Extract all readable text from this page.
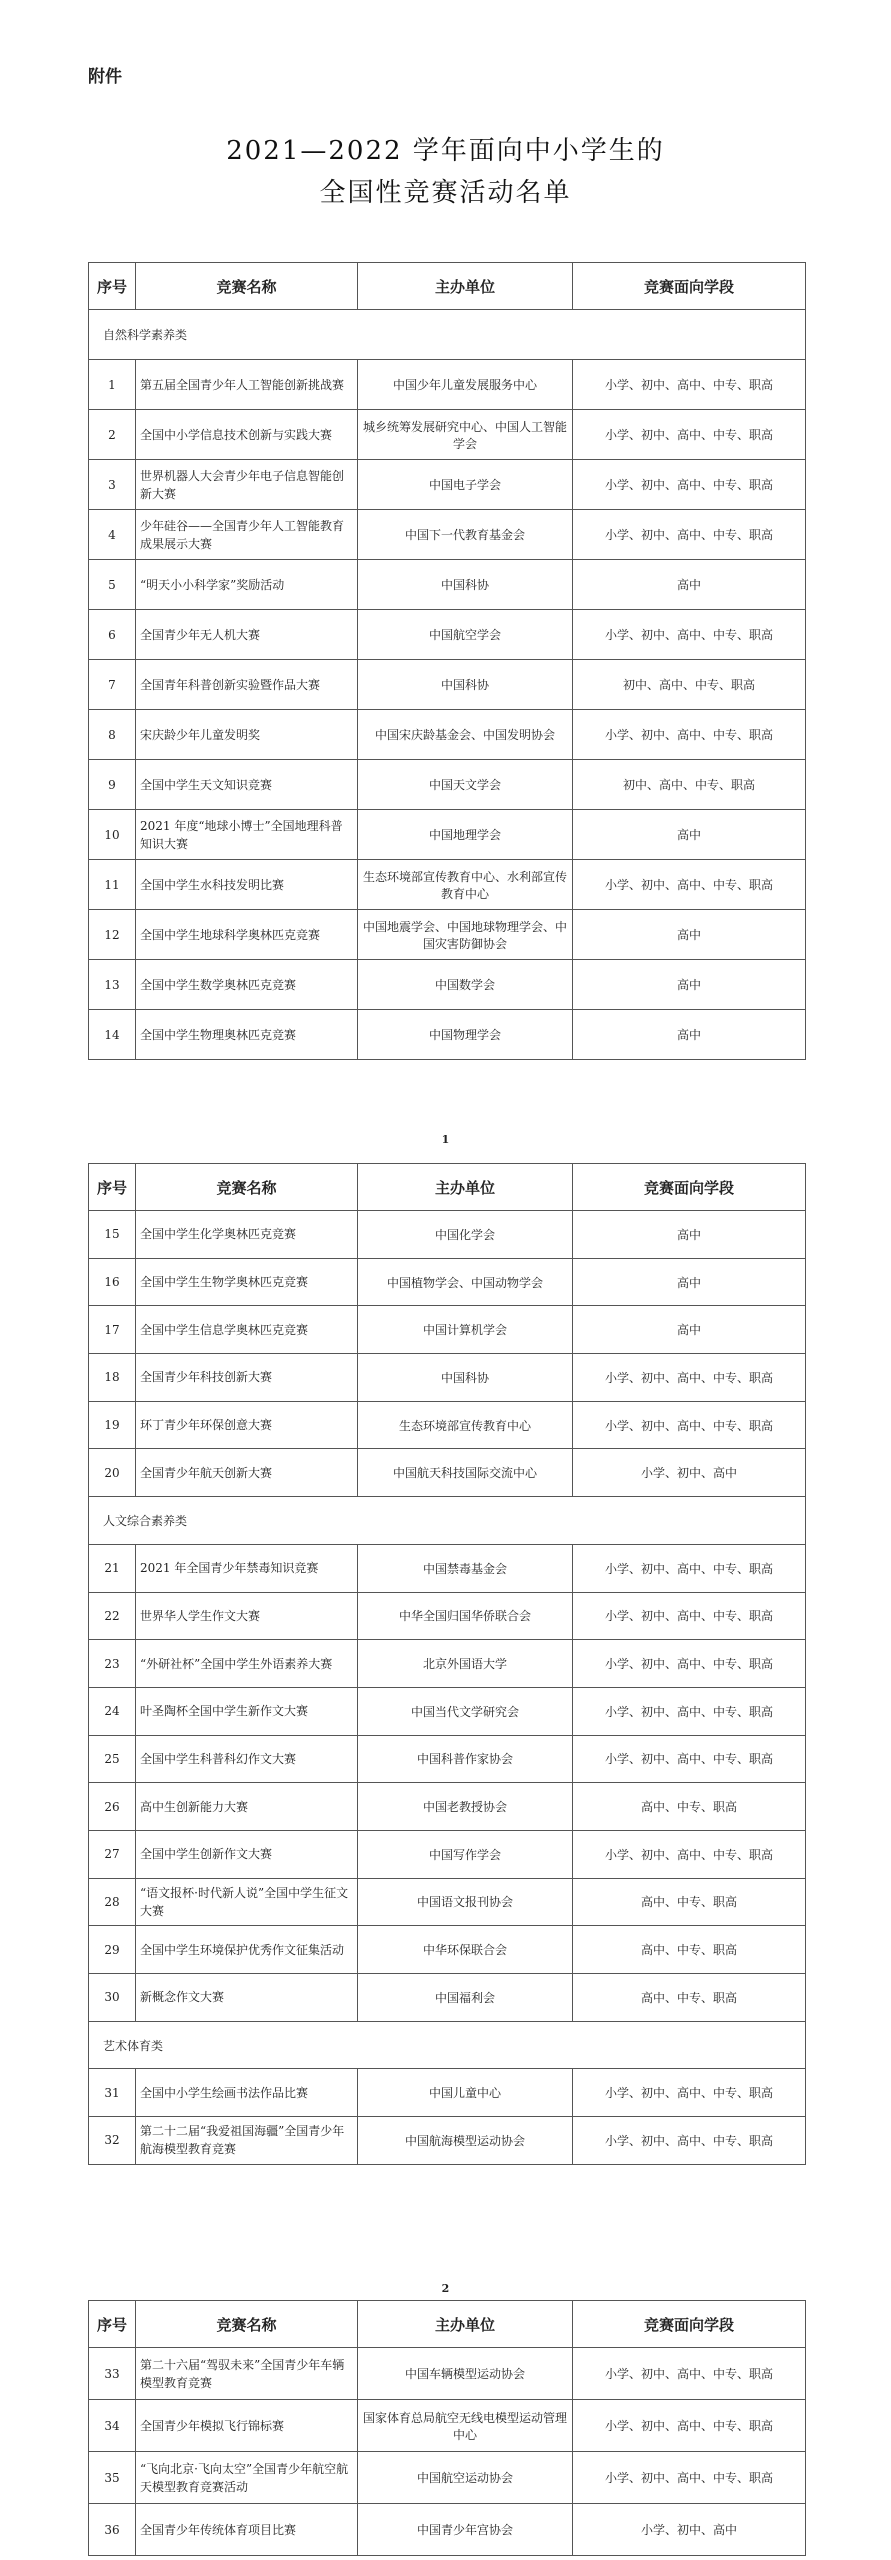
附件
2021—2022 学年面向中小学生的
全国性竞赛活动名单
序号	竞赛名称	主办单位	竞赛面向学段
自然科学素养类			
1	第五届全国青少年人工智能创新挑战赛	中国少年儿童发展服务中心	小学、初中、高中、中专、职高
2	全国中小学信息技术创新与实践大赛	城乡统筹发展研究中心、中国人工智能学会	小学、初中、高中、中专、职高
3	世界机器人大会青少年电子信息智能创新大赛	中国电子学会	小学、初中、高中、中专、职高
4	少年硅谷——全国青少年人工智能教育成果展示大赛	中国下一代教育基金会	小学、初中、高中、中专、职高
5	“明天小小科学家”奖励活动	中国科协	高中
6	全国青少年无人机大赛	中国航空学会	小学、初中、高中、中专、职高
7	全国青年科普创新实验暨作品大赛	中国科协	初中、高中、中专、职高
8	宋庆龄少年儿童发明奖	中国宋庆龄基金会、中国发明协会	小学、初中、高中、中专、职高
9	全国中学生天文知识竞赛	中国天文学会	初中、高中、中专、职高
10	2021 年度“地球小博士”全国地理科普知识大赛	中国地理学会	高中
11	全国中学生水科技发明比赛	生态环境部宣传教育中心、水利部宣传教育中心	小学、初中、高中、中专、职高
12	全国中学生地球科学奥林匹克竞赛	中国地震学会、中国地球物理学会、中国灾害防御协会	高中
13	全国中学生数学奥林匹克竞赛	中国数学会	高中
14	全国中学生物理奥林匹克竞赛	中国物理学会	高中
1
序号	竞赛名称	主办单位	竞赛面向学段
15	全国中学生化学奥林匹克竞赛	中国化学会	高中
16	全国中学生生物学奥林匹克竞赛	中国植物学会、中国动物学会	高中
17	全国中学生信息学奥林匹克竞赛	中国计算机学会	高中
18	全国青少年科技创新大赛	中国科协	小学、初中、高中、中专、职高
19	环丁青少年环保创意大赛	生态环境部宣传教育中心	小学、初中、高中、中专、职高
20	全国青少年航天创新大赛	中国航天科技国际交流中心	小学、初中、高中
人文综合素养类			
21	2021 年全国青少年禁毒知识竞赛	中国禁毒基金会	小学、初中、高中、中专、职高
22	世界华人学生作文大赛	中华全国归国华侨联合会	小学、初中、高中、中专、职高
23	“外研社杯”全国中学生外语素养大赛	北京外国语大学	小学、初中、高中、中专、职高
24	叶圣陶杯全国中学生新作文大赛	中国当代文学研究会	小学、初中、高中、中专、职高
25	全国中学生科普科幻作文大赛	中国科普作家协会	小学、初中、高中、中专、职高
26	高中生创新能力大赛	中国老教授协会	高中、中专、职高
27	全国中学生创新作文大赛	中国写作学会	小学、初中、高中、中专、职高
28	“语文报杯·时代新人说”全国中学生征文大赛	中国语文报刊协会	高中、中专、职高
29	全国中学生环境保护优秀作文征集活动	中华环保联合会	高中、中专、职高
30	新概念作文大赛	中国福利会	高中、中专、职高
艺术体育类			
31	全国中小学生绘画书法作品比赛	中国儿童中心	小学、初中、高中、中专、职高
32	第二十二届“我爱祖国海疆”全国青少年航海模型教育竞赛	中国航海模型运动协会	小学、初中、高中、中专、职高
2
序号	竞赛名称	主办单位	竞赛面向学段
33	第二十六届“驾驭未来”全国青少年车辆模型教育竞赛	中国车辆模型运动协会	小学、初中、高中、中专、职高
34	全国青少年模拟飞行锦标赛	国家体育总局航空无线电模型运动管理中心	小学、初中、高中、中专、职高
35	“飞向北京·飞向太空”全国青少年航空航天模型教育竞赛活动	中国航空运动协会	小学、初中、高中、中专、职高
36	全国青少年传统体育项目比赛	中国青少年宫协会	小学、初中、高中
